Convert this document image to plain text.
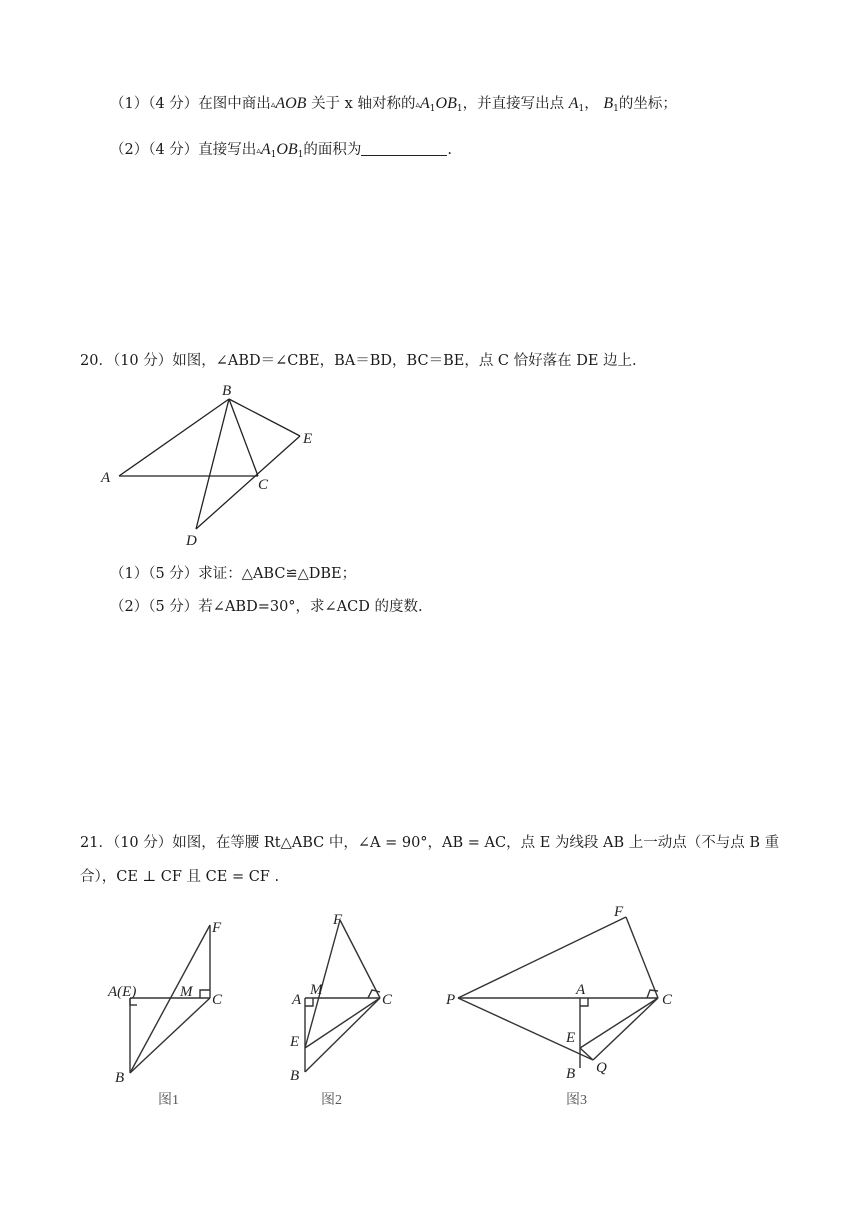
（1）（4 分）在图中商出▵AOB 关于 x 轴对称的$▵A_1OB_1$，并直接写出点 $A_1$， $B_1$的坐标；
（2）（4 分）直接写出$▵A_1OB_1$的面积为	.
20．（10 分）如图，∠ABD＝∠CBE，BA＝BD，BC＝BE，点 C 恰好落在 DE 边上.
B
E
A	C
D
A(E)	M C
F
B
图1
A
M
C
F
E
B
图2
P
A
C
F
E
B Q
图3
（1）（5 分）求证：△ABC≌△DBE；
（2）（5 分）若∠ABD=30°，求∠ACD 的度数.
21．（10 分）如图，在等腰 Rt△ABC 中，∠A = 90°，AB = AC，点 E 为线段 AB 上一动点（不与点 B 重
合），CE ⊥ CF 且 CE = CF .
